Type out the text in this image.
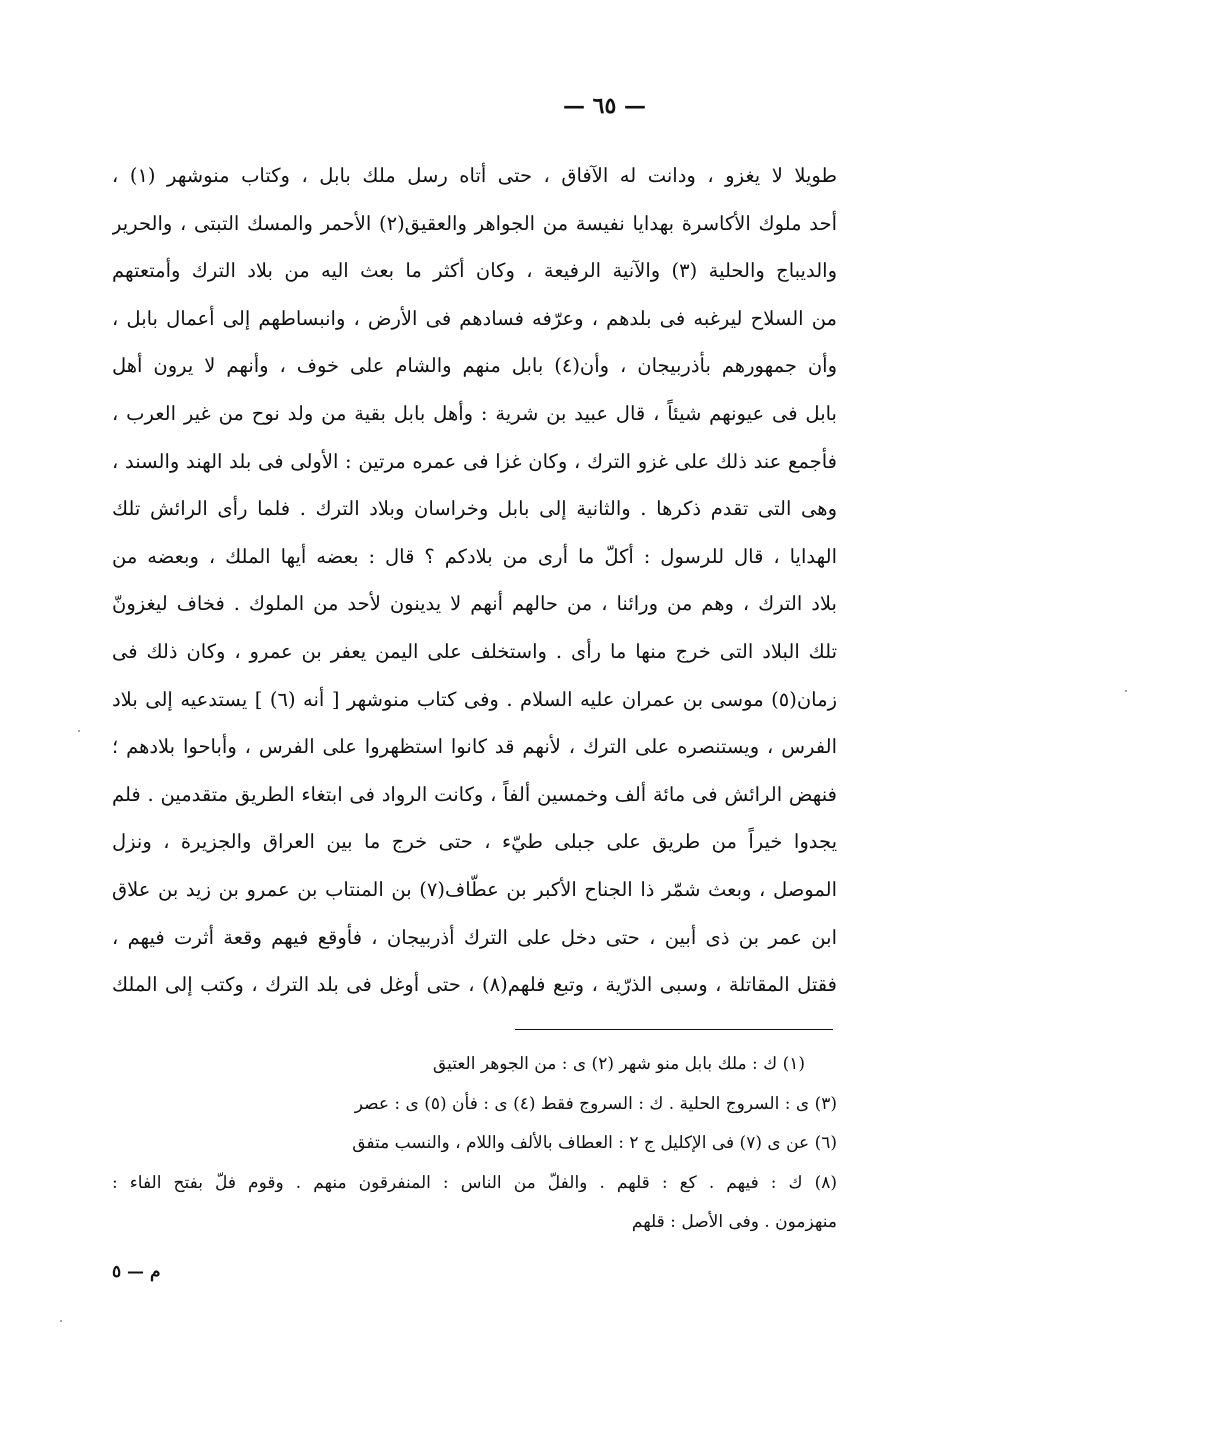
— ٦٥ —
طويلا لا يغزو ، ودانت له الآفاق ، حتى أتاه رسل ملك بابل ، وكتاب منوشهر (١) ،
أحد ملوك الأكاسرة بهدايا نفيسة من الجواهر والعقيق(٢) الأحمر والمسك التبتى ، والحرير
والديباج والحلية (٣) والآنية الرفيعة ، وكان أكثر ما بعث اليه من بلاد الترك وأمتعتهم
من السلاح ليرغبه فى بلدهم ، وعرّفه فسادهم فى الأرض ، وانبساطهم إلى أعمال بابل ،
وأن جمهورهم بأذربيجان ، وأن(٤) بابل منهم والشام على خوف ، وأنهم لا يرون أهل
بابل فى عيونهم شيئاً ، قال عبيد بن شرية : وأهل بابل بقية من ولد نوح من غير العرب ،
فأجمع عند ذلك على غزو الترك ، وكان غزا فى عمره مرتين : الأولى فى بلد الهند والسند ،
وهى التى تقدم ذكرها . والثانية إلى بابل وخراسان وبلاد الترك . فلما رأى الرائش تلك
الهدايا ، قال للرسول : أكلّ ما أرى من بلادكم ؟ قال : بعضه أيها الملك ، وبعضه من
بلاد الترك ، وهم من ورائنا ، من حالهم أنهم لا يدينون لأحد من الملوك . فخاف ليغزونّ
تلك البلاد التى خرج منها ما رأى . واستخلف على اليمن يعفر بن عمرو ، وكان ذلك فى
زمان(٥) موسى بن عمران عليه السلام . وفى كتاب منوشهر [ أنه (٦) ] يستدعيه إلى بلاد
الفرس ، ويستنصره على الترك ، لأنهم قد كانوا استظهروا على الفرس ، وأباحوا بلادهم ؛
فنهض الرائش فى مائة ألف وخمسين ألفاً ، وكانت الرواد فى ابتغاء الطريق متقدمين . فلم
يجدوا خيراً من طريق على جبلى طيّء ، حتى خرج ما بين العراق والجزيرة ، ونزل
الموصل ، وبعث شمّر ذا الجناح الأكبر بن عطّاف(٧) بن المنتاب بن عمرو بن زيد بن علاق
ابن عمر بن ذى أبين ، حتى دخل على الترك أذربيجان ، فأوقع فيهم وقعة أثرت فيهم ،
فقتل المقاتلة ، وسبى الذرّية ، وتبع فلهم(٨) ، حتى أوغل فى بلد الترك ، وكتب إلى الملك
(١) ك : ملك بابل منو شهر (٢) ى : من الجوهر العتيق
(٣) ى : السروج الحلية . ك : السروج فقط (٤) ى : فأن (٥) ى : عصر
(٦) عن ى (٧) فى الإكليل ج ٢ : العطاف بالألف واللام ، والنسب متفق
(٨) ك : فيهم . كع : قلهم . والفلّ من الناس : المنفرقون منهم . وقوم فلّ بفتح الفاء :
منهزمون . وفى الأصل : قلهم
م — ٥
